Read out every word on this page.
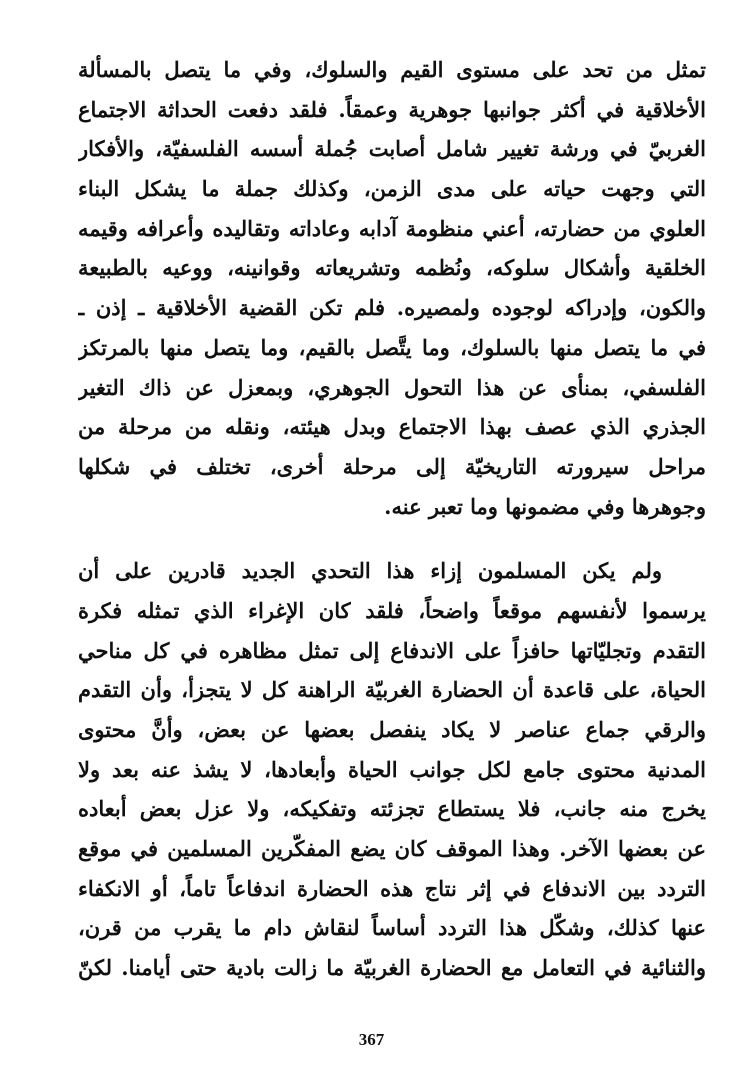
تمثل من تحد على مستوى القيم والسلوك، وفي ما يتصل بالمسألة
الأخلاقية في أكثر جوانبها جوهرية وعمقاً. فلقد دفعت الحداثة الاجتماع
الغربيّ في ورشة تغيير شامل أصابت جُملة أسسه الفلسفيّة، والأفكار
التي وجهت حياته على مدى الزمن، وكذلك جملة ما يشكل البناء
العلوي من حضارته، أعني منظومة آدابه وعاداته وتقاليده وأعرافه وقيمه
الخلقية وأشكال سلوكه، ونُظمه وتشريعاته وقوانينه، ووعيه بالطبيعة
والكون، وإدراكه لوجوده ولمصيره. فلم تكن القضية الأخلاقية ـ إذن ـ
في ما يتصل منها بالسلوك، وما يتَّصل بالقيم، وما يتصل منها بالمرتكز
الفلسفي، بمنأى عن هذا التحول الجوهري، وبمعزل عن ذاك التغير
الجذري الذي عصف بهذا الاجتماع وبدل هيئته، ونقله من مرحلة من
مراحل سيرورته التاريخيّة إلى مرحلة أخرى، تختلف في شكلها
وجوهرها وفي مضمونها وما تعبر عنه.
ولم يكن المسلمون إزاء هذا التحدي الجديد قادرين على أن
يرسموا لأنفسهم موقعاً واضحاً، فلقد كان الإغراء الذي تمثله فكرة
التقدم وتجليّاتها حافزاً على الاندفاع إلى تمثل مظاهره في كل مناحي
الحياة، على قاعدة أن الحضارة الغربيّة الراهنة كل لا يتجزأ، وأن التقدم
والرقي جماع عناصر لا يكاد ينفصل بعضها عن بعض، وأنَّ محتوى
المدنية محتوى جامع لكل جوانب الحياة وأبعادها، لا يشذ عنه بعد ولا
يخرج منه جانب، فلا يستطاع تجزئته وتفكيكه، ولا عزل بعض أبعاده
عن بعضها الآخر. وهذا الموقف كان يضع المفكّرين المسلمين في موقع
التردد بين الاندفاع في إثر نتاج هذه الحضارة اندفاعاً تاماً، أو الانكفاء
عنها كذلك، وشكّل هذا التردد أساساً لنقاش دام ما يقرب من قرن،
والثنائية في التعامل مع الحضارة الغربيّة ما زالت بادية حتى أيامنا. لكنّ
367
